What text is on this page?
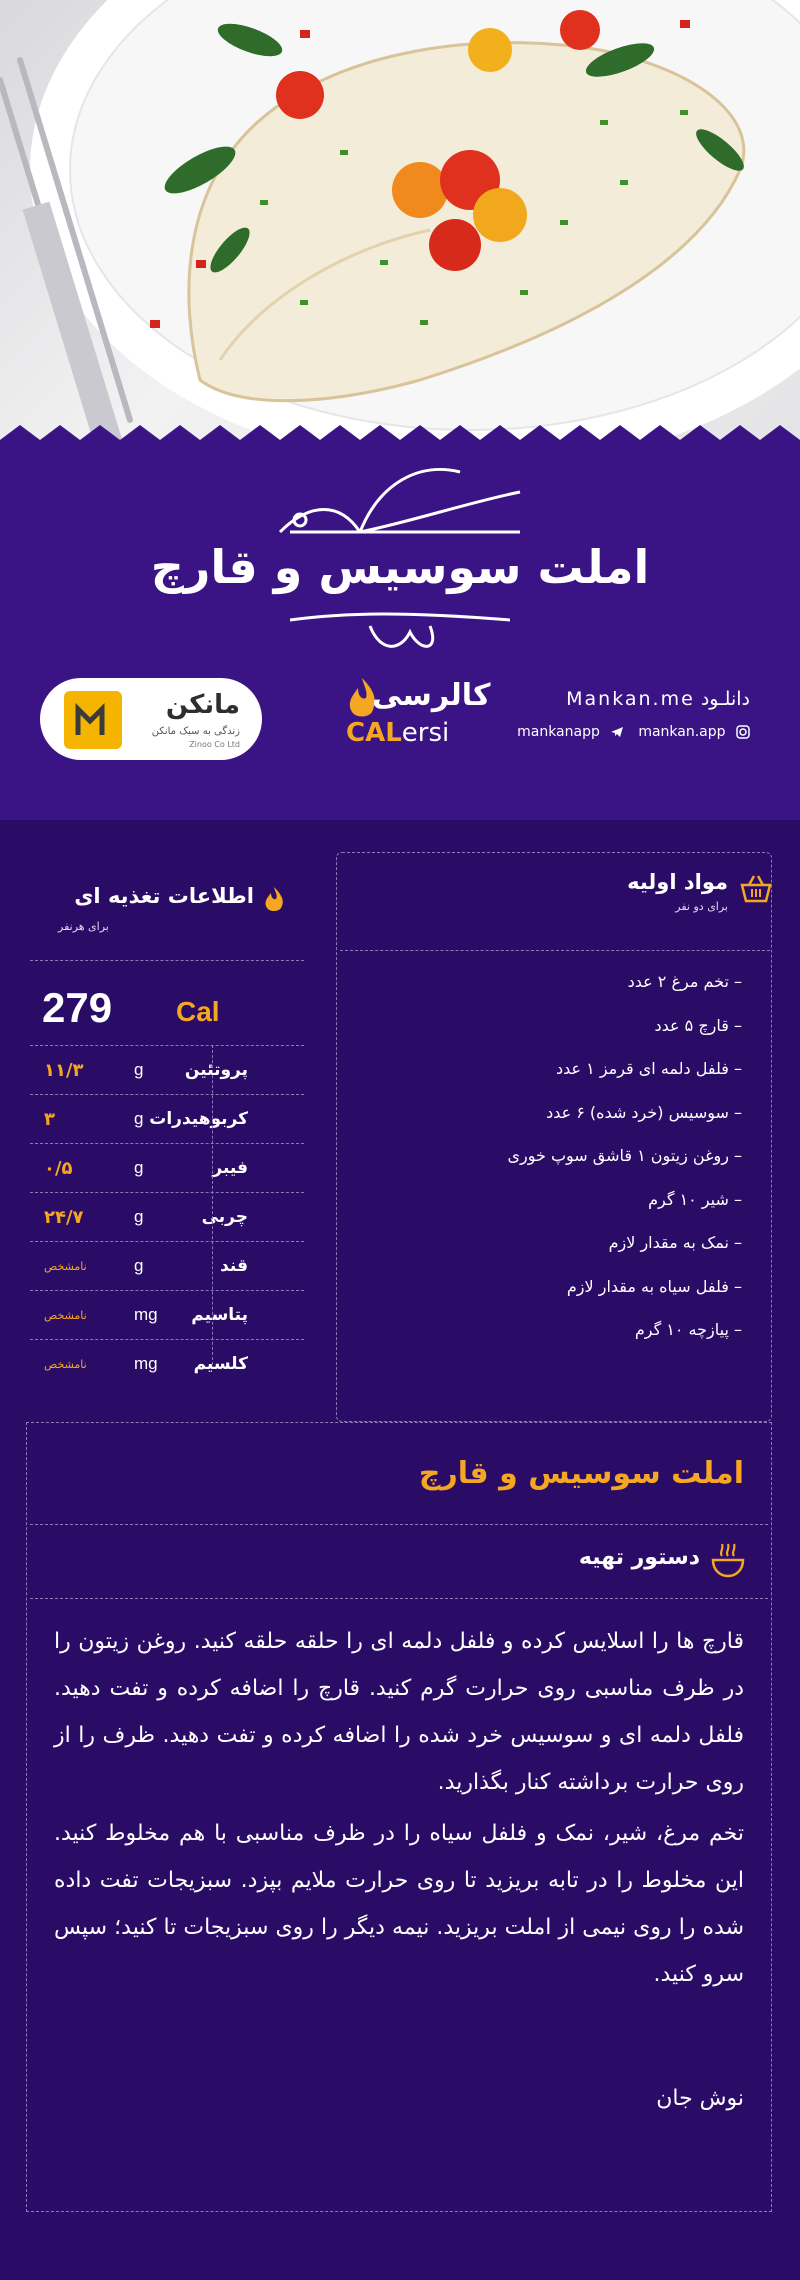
املت سوسیس و قارچ
مانکن
زندگی به سبک مانکن
Zinoo Co Ltd
کالرسی
CALersi
دانلـود Mankan.me
mankanapp	mankan.app
مواد اولیه
برای دو نفر
– تخم مرغ ۲ عدد
– قارچ ۵ عدد
– فلفل دلمه ای قرمز ۱ عدد
– سوسیس (خرد شده) ۶ عدد
– روغن زیتون ۱ قاشق سوپ خوری
– شیر ۱۰ گرم
– نمک به مقدار لازم
– فلفل سیاه به مقدار لازم
– پیازچه ۱۰ گرم
اطلاعات تغذیه ای
برای هرنفر
279 Cal
۱۱/۳	g پروتئین
۳	g کربوهیدرات
۰/۵	g	فیبر
۲۴/۷	g	چربی
نامشخص	g	قند
نامشخص	mg پتاسیم
نامشخص	mg کلسیم
املت سوسیس و قارچ
دستور تهیه

قارچ ها را اسلایس کرده و فلفل دلمه ای را حلقه حلقه کنید. روغن زیتون را در ظرف مناسبی روی حرارت گرم کنید. قارچ را اضافه کرده و تفت دهید. فلفل دلمه ای و سوسیس خرد شده را اضافه کرده و تفت دهید. ظرف را از روی حرارت برداشته کنار بگذارید.

تخم مرغ، شیر، نمک و فلفل سیاه را در ظرف مناسبی با هم مخلوط کنید. این مخلوط را در تابه بریزید تا روی حرارت ملایم بپزد. سبزیجات تفت داده شده را روی نیمی از املت بریزید. نیمه دیگر را روی سبزیجات تا کنید؛ سپس سرو کنید.

نوش جان
